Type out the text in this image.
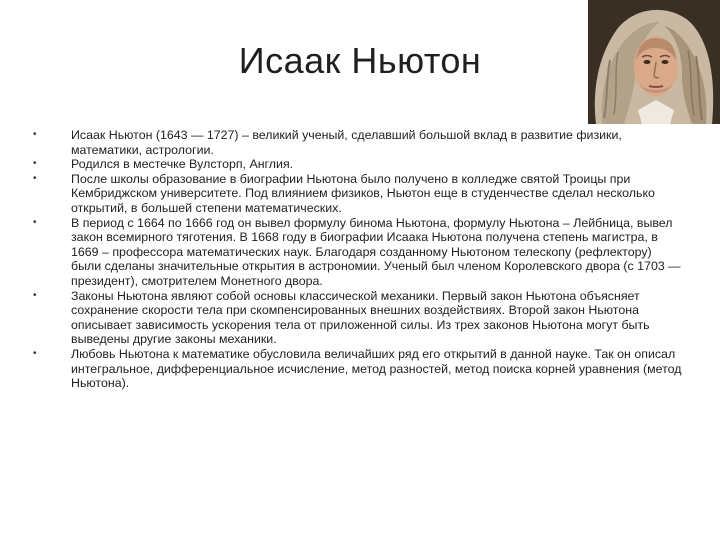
Исаак Ньютон
•	Исаак Ньютон (1643 — 1727) – великий ученый, сделавший большой вклад в развитие физики, математики, астрологии.
•	Родился в местечке Вулсторп, Англия.
•	После школы образование в биографии Ньютона было получено в колледже святой Троицы при Кембриджском университете. Под влиянием физиков, Ньютон еще в студенчестве сделал несколько открытий, в большей степени математических.
•	В период с 1664 по 1666 год он вывел формулу бинома Ньютона, формулу Ньютона – Лейбница, вывел закон всемирного тяготения. В 1668 году в биографии Исаака Ньютона получена степень магистра, в 1669 – профессора математических наук. Благодаря созданному Ньютоном телескопу (рефлектору) были сделаны значительные открытия в астрономии. Ученый был членом Королевского двора (с 1703 — президент), смотрителем Монетного двора.
•	Законы Ньютона являют собой основы классической механики. Первый закон Ньютона объясняет сохранение скорости тела при скомпенсированных внешних воздействиях. Второй закон Ньютона описывает зависимость ускорения тела от приложенной силы. Из трех законов Ньютона могут быть выведены другие законы механики.
•	Любовь Ньютона к математике обусловила величайших ряд его открытий в данной науке. Так он описал интегральное, дифференциальное исчисление, метод разностей, метод поиска корней уравнения (метод Ньютона).
